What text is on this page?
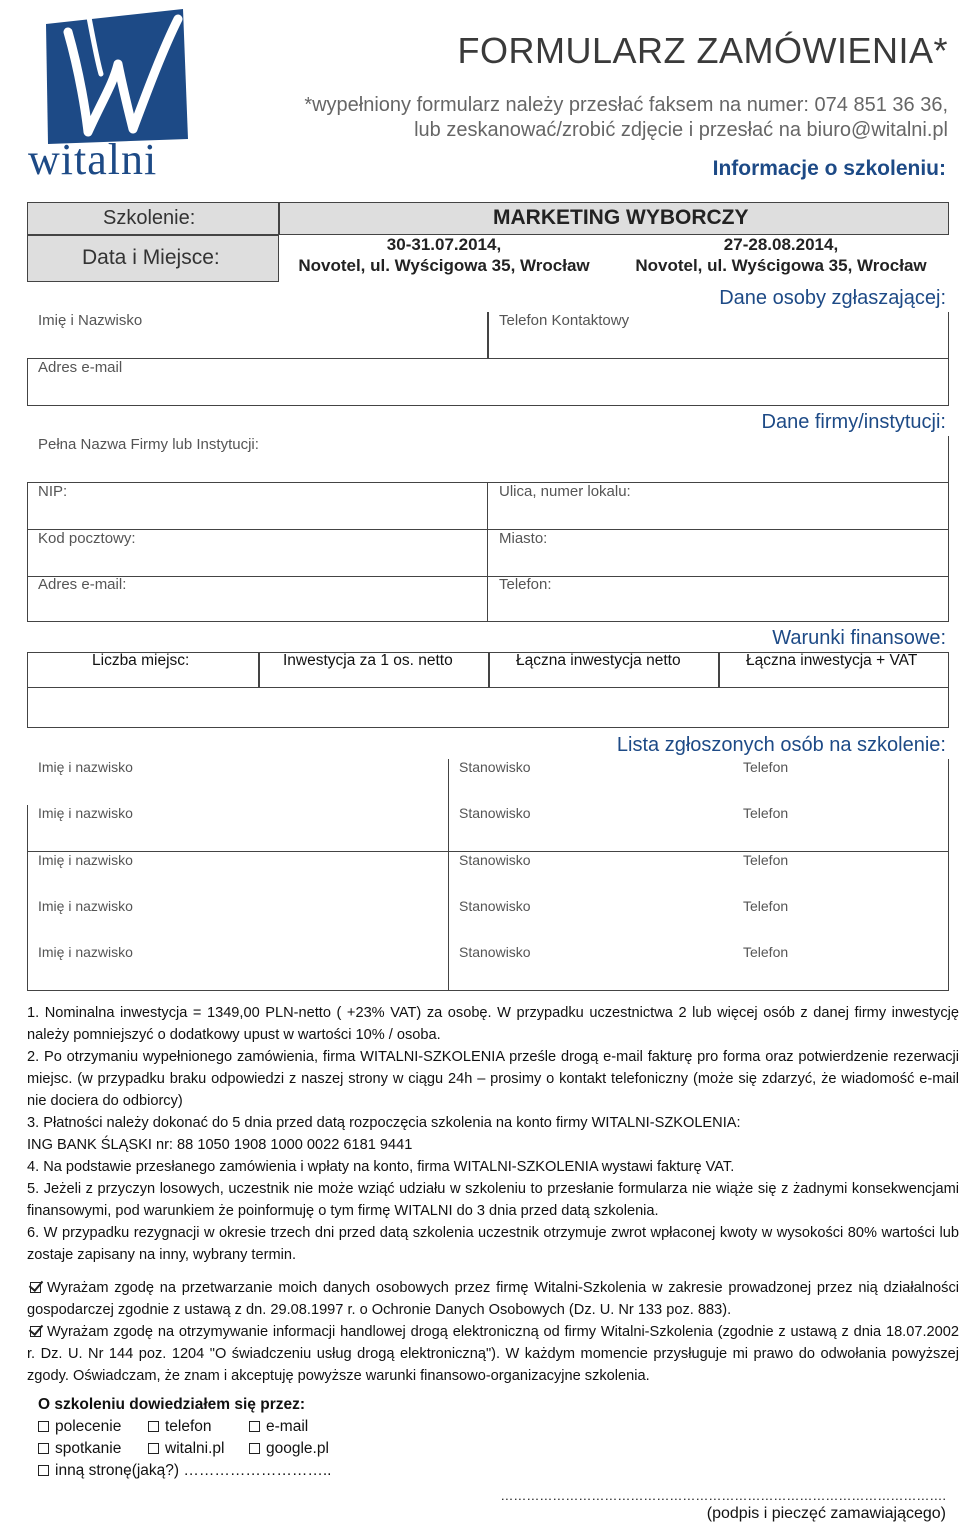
witalni
FORMULARZ ZAMÓWIENIA*
*wypełniony formularz należy przesłać faksem na numer: 074 851 36 36,
lub zeskanować/zrobić zdjęcie i przesłać na biuro@witalni.pl
Informacje o szkoleniu:
Szkolenie:	MARKETING WYBORCZY
Data i Miejsce:
30-31.07.2014,
Novotel, ul. Wyścigowa 35, Wrocław
27-28.08.2014,
Novotel, ul. Wyścigowa 35, Wrocław
Dane osoby zgłaszającej:
Imię i Nazwisko	Telefon Kontaktowy
Adres e-mail
Dane firmy/instytucji:
Pełna Nazwa Firmy lub Instytucji:
NIP:	Ulica, numer lokalu:
Kod pocztowy:	Miasto:
Adres e-mail:	Telefon:
Warunki finansowe:
Liczba miejsc:	Inwestycja za 1 os. netto	Łączna inwestycja netto	Łączna inwestycja + VAT
Lista zgłoszonych osób na szkolenie:
Imię i nazwisko	Stanowisko	Telefon
Imię i nazwisko	Stanowisko	Telefon
Imię i nazwisko	Stanowisko	Telefon
Imię i nazwisko	Stanowisko	Telefon
Imię i nazwisko	Stanowisko	Telefon

1. Nominalna inwestycja = 1349,00 PLN-netto ( +23% VAT) za osobę. W przypadku uczestnictwa 2 lub więcej osób z danej firmy inwestycję należy pomniejszyć o dodatkowy upust w wartości 10% / osoba.

2. Po otrzymaniu wypełnionego zamówienia, firma WITALNI-SZKOLENIA prześle drogą e-mail fakturę pro forma oraz potwierdzenie rezerwacji miejsc. (w przypadku braku odpowiedzi z naszej strony w ciągu 24h – prosimy o kontakt telefoniczny (może się zdarzyć, że wiadomość e-mail nie dociera do odbiorcy)

3. Płatności należy dokonać do 5 dnia przed datą rozpoczęcia szkolenia na konto firmy WITALNI-SZKOLENIA:

ING BANK ŚLĄSKI nr: 88 1050 1908 1000 0022 6181 9441

4. Na podstawie przesłanego zamówienia i wpłaty na konto, firma WITALNI-SZKOLENIA wystawi fakturę VAT.

5. Jeżeli z przyczyn losowych, uczestnik nie może wziąć udziału w szkoleniu to przesłanie formularza nie wiąże się z żadnymi konsekwencjami finansowymi, pod warunkiem że poinformuję o tym firmę WITALNI do 3 dnia przed datą szkolenia.

6. W przypadku rezygnacji w okresie trzech dni przed datą szkolenia uczestnik otrzymuje zwrot wpłaconej kwoty w wysokości 80% wartości lub zostaje zapisany na inny, wybrany termin.

Wyrażam zgodę na przetwarzanie moich danych osobowych przez firmę Witalni-Szkolenia w zakresie prowadzonej przez nią działalności gospodarczej zgodnie z ustawą z dn. 29.08.1997 r. o Ochronie Danych Osobowych (Dz. U. Nr 133 poz. 883).
Wyrażam zgodę na otrzymywanie informacji handlowej drogą elektroniczną od firmy Witalni-Szkolenia (zgodnie z ustawą z dnia 18.07.2002 r. Dz. U. Nr 144 poz. 1204 "O świadczeniu usług drogą elektroniczną"). W każdym momencie przysługuje mi prawo do odwołania powyższej zgody. Oświadczam, że znam i akceptuję powyższe warunki finansowo-organizacyjne szkolenia.
O szkoleniu dowiedziałem się przez:
polecenie	telefon	e-mail
spotkanie	witalni.pl	google.pl
inną stronę(jaką?) ………………………..
………………………………………………………………………………………….
(podpis i pieczęć zamawiającego)
